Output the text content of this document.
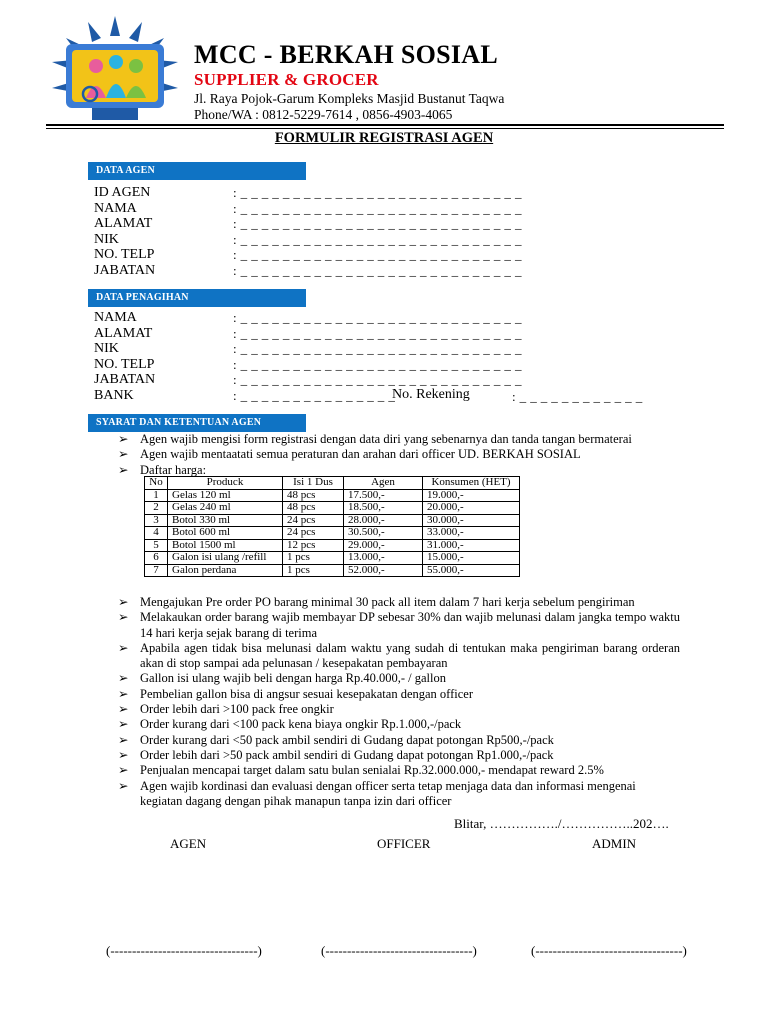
MCC - BERKAH SOSIAL
SUPPLIER & GROCER
Jl. Raya Pojok-Garum Kompleks Masjid Bustanut Taqwa
Phone/WA : 0812-5229-7614 , 0856-4903-4065
FORMULIR REGISTRASI AGEN
DATA AGEN
ID AGEN	: _ _ _ _ _ _ _ _ _ _ _ _ _ _ _ _ _ _ _ _ _ _ _ _ _ _ _
NAMA	: _ _ _ _ _ _ _ _ _ _ _ _ _ _ _ _ _ _ _ _ _ _ _ _ _ _ _
ALAMAT	: _ _ _ _ _ _ _ _ _ _ _ _ _ _ _ _ _ _ _ _ _ _ _ _ _ _ _
NIK	: _ _ _ _ _ _ _ _ _ _ _ _ _ _ _ _ _ _ _ _ _ _ _ _ _ _ _
NO. TELP	: _ _ _ _ _ _ _ _ _ _ _ _ _ _ _ _ _ _ _ _ _ _ _ _ _ _ _
JABATAN	: _ _ _ _ _ _ _ _ _ _ _ _ _ _ _ _ _ _ _ _ _ _ _ _ _ _ _
DATA PENAGIHAN
NAMA	: _ _ _ _ _ _ _ _ _ _ _ _ _ _ _ _ _ _ _ _ _ _ _ _ _ _ _
ALAMAT	: _ _ _ _ _ _ _ _ _ _ _ _ _ _ _ _ _ _ _ _ _ _ _ _ _ _ _
NIK	: _ _ _ _ _ _ _ _ _ _ _ _ _ _ _ _ _ _ _ _ _ _ _ _ _ _ _
NO. TELP	: _ _ _ _ _ _ _ _ _ _ _ _ _ _ _ _ _ _ _ _ _ _ _ _ _ _ _
JABATAN	: _ _ _ _ _ _ _ _ _ _ _ _ _ _ _ _ _ _ _ _ _ _ _ _ _ _ _
BANK	: _ _ _ _ _ _ _ _ _ _ _ _ _ _ _
No. Rekening	: _ _ _ _ _ _ _ _ _ _ _ _
SYARAT DAN KETENTUAN AGEN
➢ Agen wajib mengisi form registrasi dengan data diri yang sebenarnya dan tanda tangan bermaterai
➢ Agen wajib mentaatati semua peraturan dan arahan dari officer UD. BERKAH SOSIAL
➢ Daftar harga:
No	Produck	Isi 1 Dus	Agen	Konsumen (HET)
1	Gelas 120 ml	48 pcs	17.500,-	19.000,-
2	Gelas 240 ml	48 pcs	18.500,-	20.000,-
3	Botol 330 ml	24 pcs	28.000,-	30.000,-
4	Botol 600 ml	24 pcs	30.500,-	33.000,-
5	Botol 1500 ml	12 pcs	29.000,-	31.000,-
6	Galon isi ulang /refill	1 pcs	13.000,-	15.000,-
7	Galon perdana	1 pcs	52.000,-	55.000,-
➢ Mengajukan Pre order PO barang minimal 30 pack all item dalam 7 hari kerja sebelum pengiriman
➢ Melakaukan order barang wajib membayar DP sebesar 30% dan wajib melunasi dalam jangka tempo waktu 14 hari kerja sejak barang di terima
➢ Apabila agen tidak bisa melunasi dalam waktu yang sudah di tentukan maka pengiriman barang orderan akan di stop sampai ada pelunasan / kesepakatan pembayaran
➢ Gallon isi ulang wajib beli dengan harga Rp.40.000,- / gallon
➢ Pembelian gallon bisa di angsur sesuai kesepakatan dengan officer
➢ Order lebih dari >100 pack free ongkir
➢ Order kurang dari <100 pack kena biaya ongkir Rp.1.000,-/pack
➢ Order kurang dari <50 pack ambil sendiri di Gudang dapat potongan Rp500,-/pack
➢ Order lebih dari >50 pack ambil sendiri di Gudang dapat potongan Rp1.000,-/pack
➢ Penjualan mencapai target dalam satu bulan senialai Rp.32.000.000,- mendapat reward 2.5%
➢ Agen wajib kordinasi dan evaluasi dengan officer serta tetap menjaga data dan informasi mengenai kegiatan dagang dengan pihak manapun tanpa izin dari officer
Blitar, ……………./……………..202….
AGEN	OFFICER	ADMIN
(----------------------------------)	(----------------------------------)	(----------------------------------)
